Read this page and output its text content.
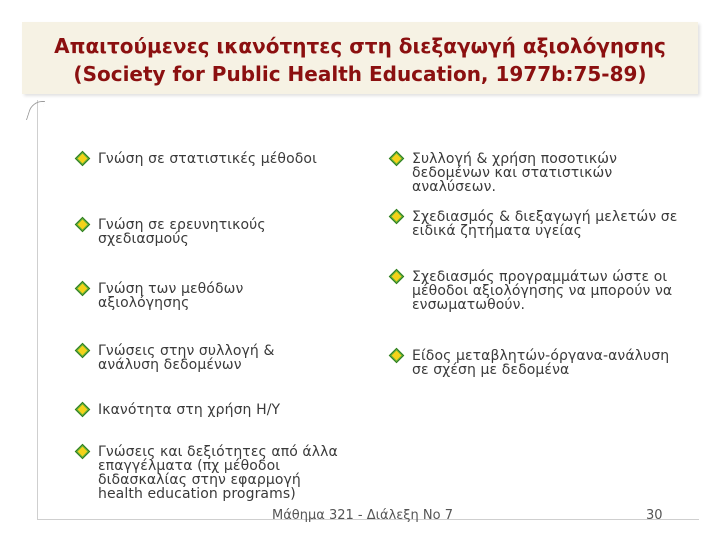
Απαιτούμενες ικανότητες στη διεξαγωγή αξιολόγησης
(Society for Public Health Education, 1977b:75-89)
Γνώση σε στατιστικές μέθοδοι
Γνώση σε ερευνητικούς
σχεδιασμούς
Γνώση των μεθόδων
αξιολόγησης
Γνώσεις στην συλλογή &
ανάλυση δεδομένων
Ικανότητα στη χρήση Η/Υ
Γνώσεις και δεξιότητες από άλλα
επαγγέλματα (πχ μέθοδοι
διδασκαλίας στην εφαρμογή
health education programs)
Συλλογή & χρήση ποσοτικών
δεδομένων και στατιστικών
αναλύσεων.
Σχεδιασμός & διεξαγωγή μελετών σε
ειδικά ζητήματα υγείας
Σχεδιασμός προγραμμάτων ώστε οι
μέθοδοι αξιολόγησης να μπορούν να
ενσωματωθούν.
Είδος μεταβλητών-όργανα-ανάλυση
σε σχέση με δεδομένα
Μάθημα 321 - Διάλεξη Νο 7	30
